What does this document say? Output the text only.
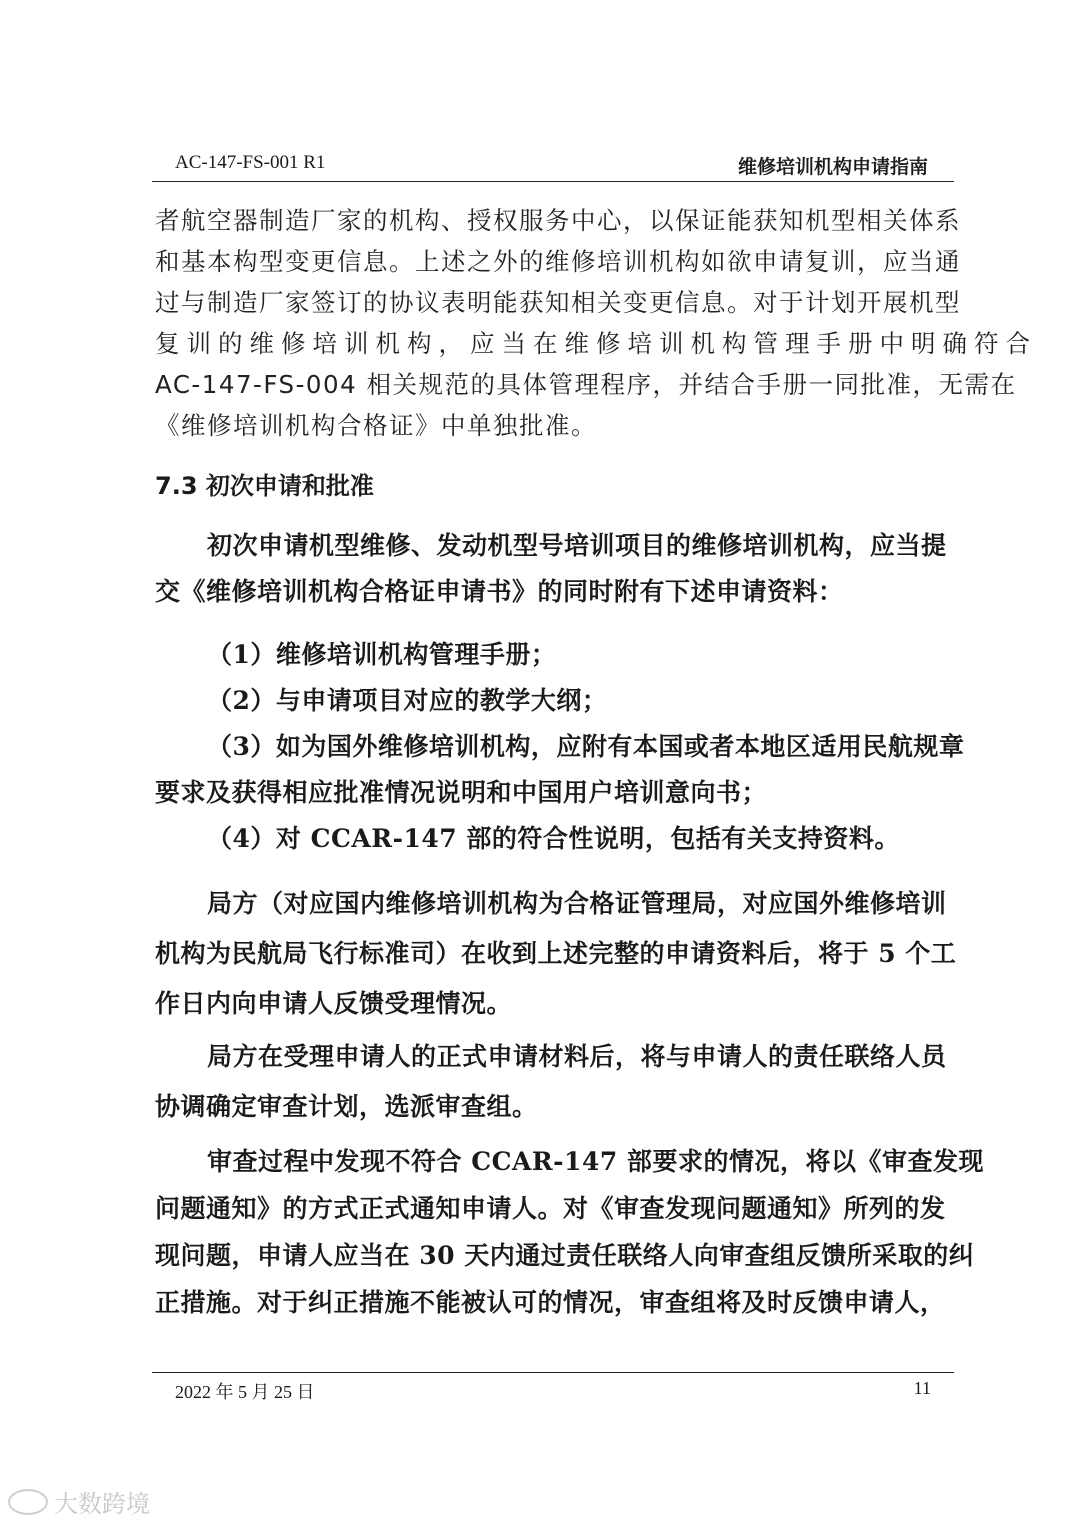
AC-147-FS-001 R1	维修培训机构申请指南
者航空器制造厂家的机构、授权服务中心，以保证能获知机型相关体系
和基本构型变更信息。上述之外的维修培训机构如欲申请复训，应当通
过与制造厂家签订的协议表明能获知相关变更信息。对于计划开展机型
复训的维修培训机构，应当在维修培训机构管理手册中明确符合
AC-147-FS-004 相关规范的具体管理程序，并结合手册一同批准，无需在
《维修培训机构合格证》中单独批准。
7.3 初次申请和批准
初次申请机型维修、发动机型号培训项目的维修培训机构，应当提
交《维修培训机构合格证申请书》的同时附有下述申请资料：
（1）维修培训机构管理手册；
（2）与申请项目对应的教学大纲；
（3）如为国外维修培训机构，应附有本国或者本地区适用民航规章
要求及获得相应批准情况说明和中国用户培训意向书；
（4）对 CCAR-147 部的符合性说明，包括有关支持资料。
局方（对应国内维修培训机构为合格证管理局，对应国外维修培训
机构为民航局飞行标准司）在收到上述完整的申请资料后，将于 5 个工
作日内向申请人反馈受理情况。
局方在受理申请人的正式申请材料后，将与申请人的责任联络人员
协调确定审查计划，选派审查组。
审查过程中发现不符合 CCAR-147 部要求的情况，将以《审查发现
问题通知》的方式正式通知申请人。对《审查发现问题通知》所列的发
现问题，申请人应当在 30 天内通过责任联络人向审查组反馈所采取的纠
正措施。对于纠正措施不能被认可的情况，审查组将及时反馈申请人，
2022 年 5 月 25 日	11
大数跨境
